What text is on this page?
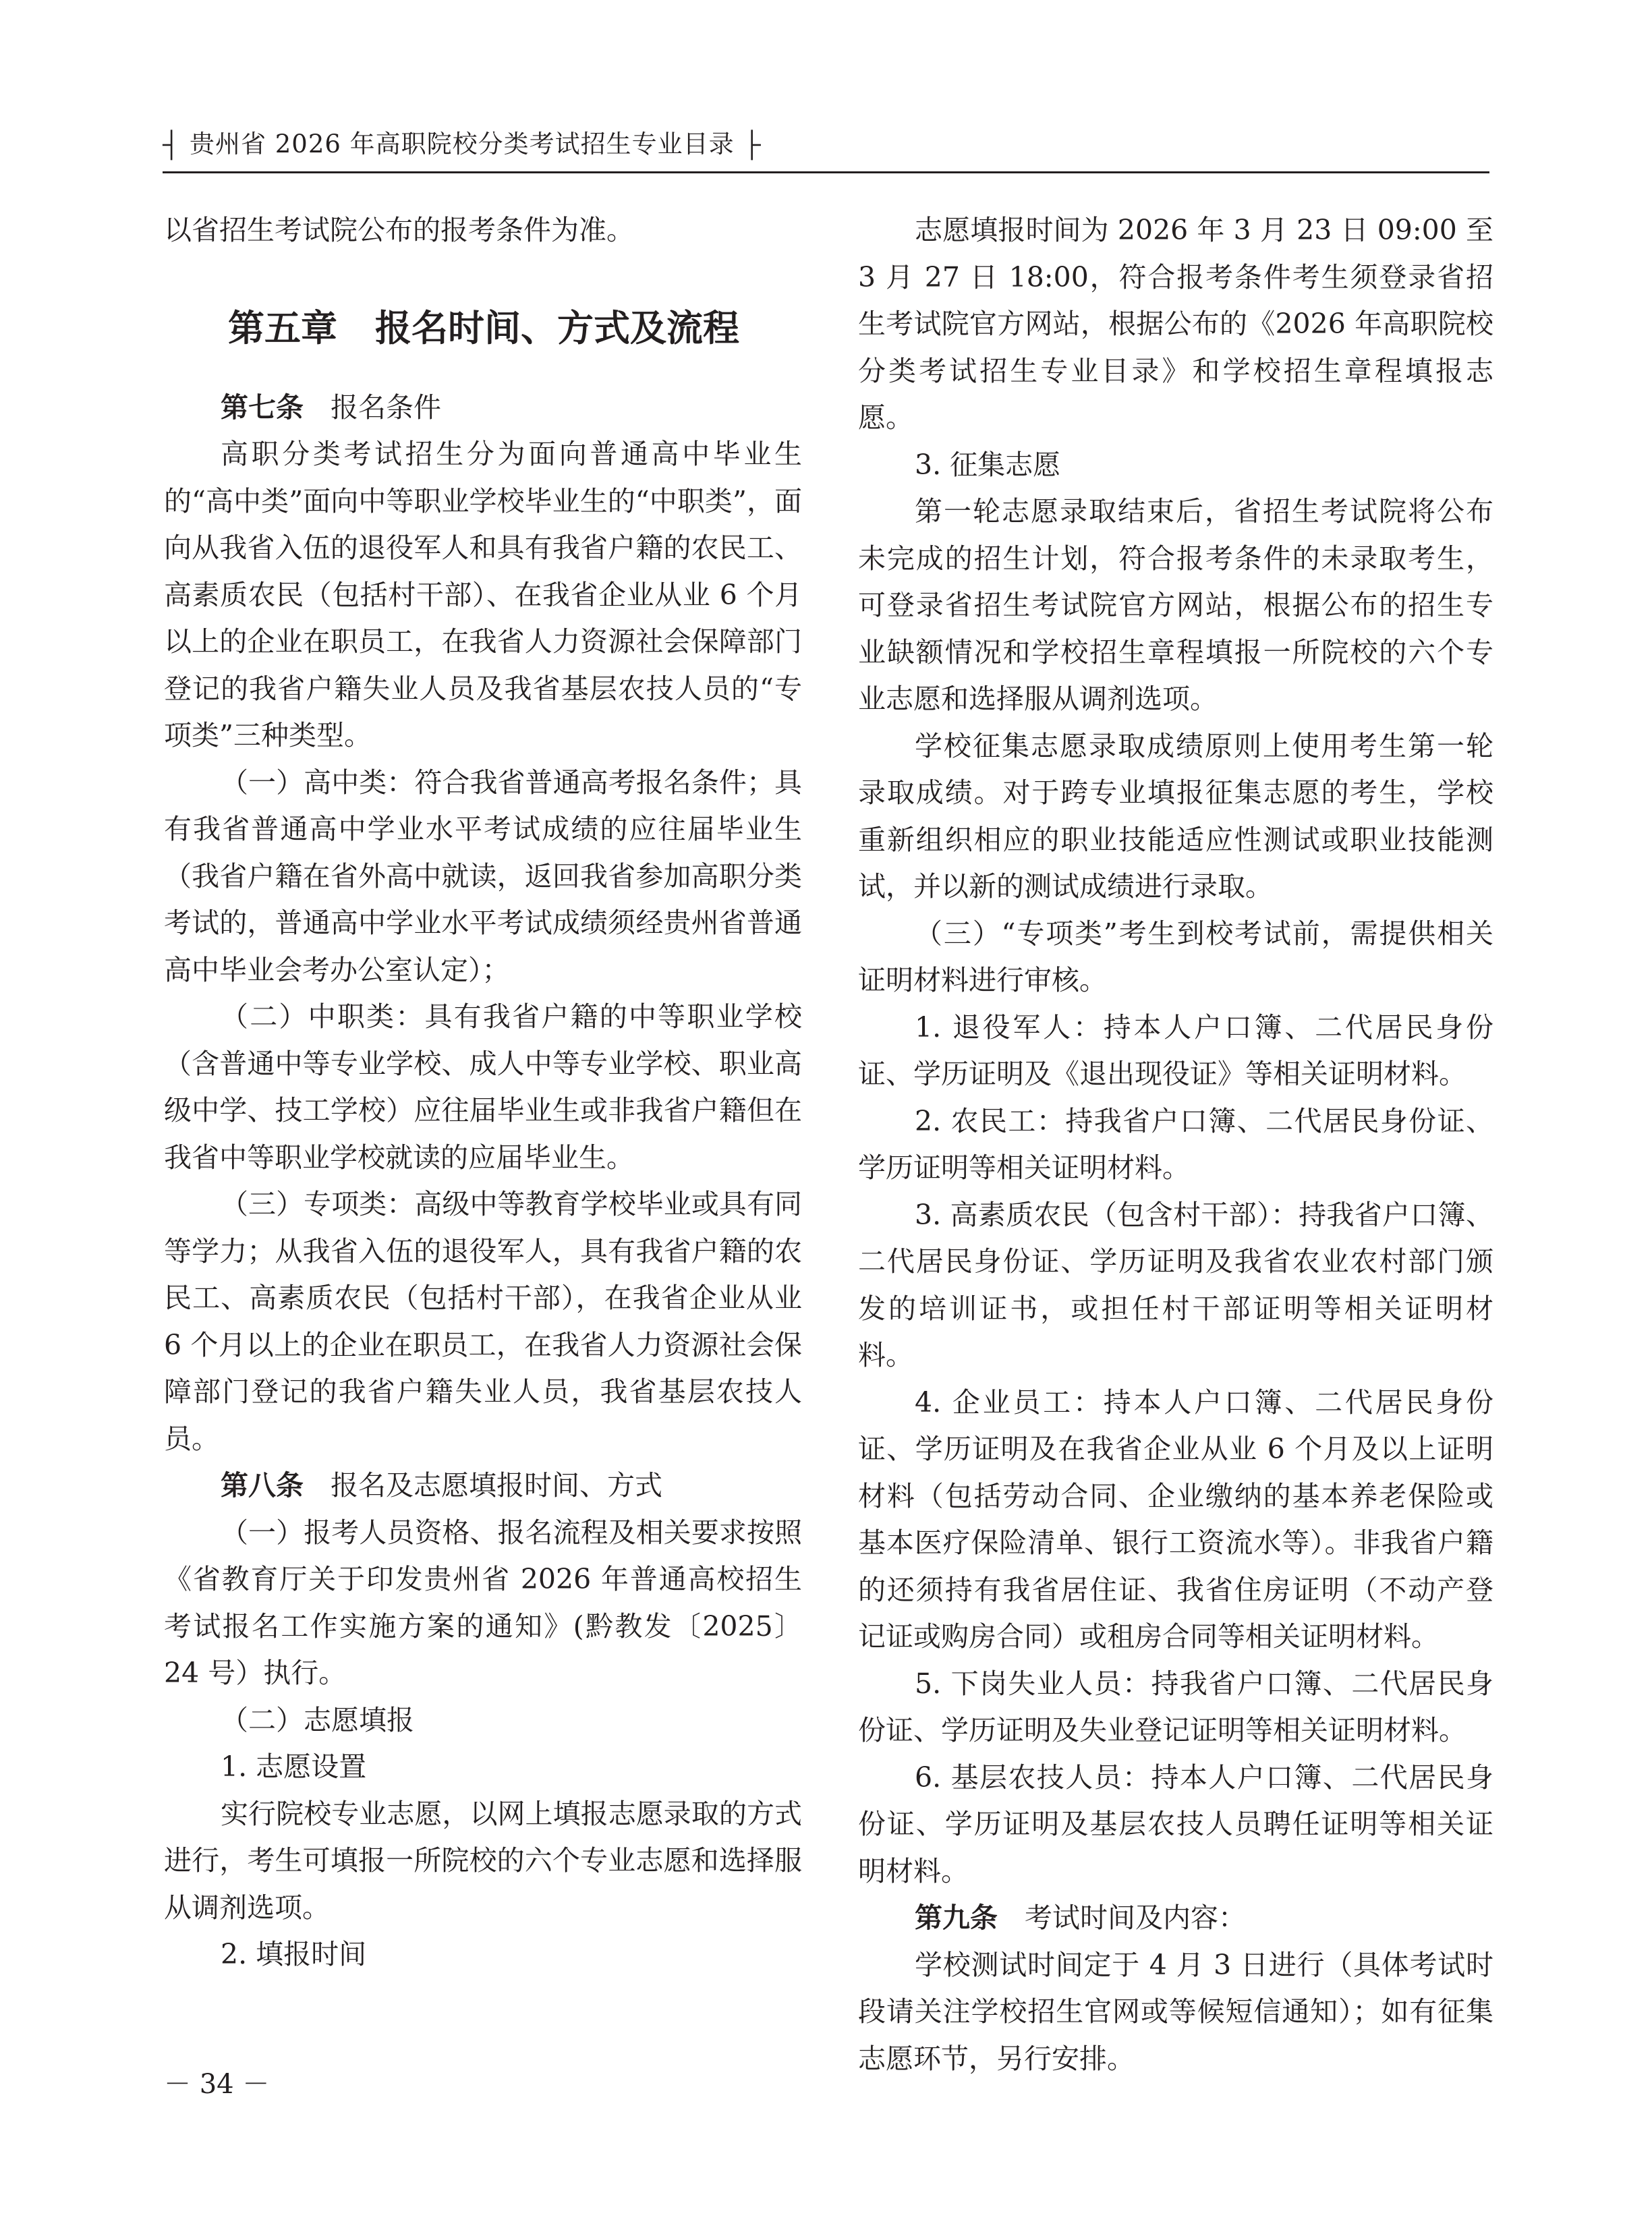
┤ 贵州省 2026 年高职院校分类考试招生专业目录 ├

以省招生考试院公布的报考条件为准。

第五章 报名时间、方式及流程

第七条 报名条件

高职分类考试招生分为面向普通高中毕业生的“高中类”面向中等职业学校毕业生的“中职类”，面向从我省入伍的退役军人和具有我省户籍的农民工、高素质农民（包括村干部）、在我省企业从业 6 个月以上的企业在职员工，在我省人力资源社会保障部门登记的我省户籍失业人员及我省基层农技人员的“专项类”三种类型。

（一）高中类：符合我省普通高考报名条件；具有我省普通高中学业水平考试成绩的应往届毕业生（我省户籍在省外高中就读，返回我省参加高职分类考试的，普通高中学业水平考试成绩须经贵州省普通高中毕业会考办公室认定）；

（二）中职类：具有我省户籍的中等职业学校（含普通中等专业学校、成人中等专业学校、职业高级中学、技工学校）应往届毕业生或非我省户籍但在我省中等职业学校就读的应届毕业生。

（三）专项类：高级中等教育学校毕业或具有同等学力；从我省入伍的退役军人，具有我省户籍的农民工、高素质农民（包括村干部），在我省企业从业 6 个月以上的企业在职员工，在我省人力资源社会保障部门登记的我省户籍失业人员，我省基层农技人员。

第八条 报名及志愿填报时间、方式

（一）报考人员资格、报名流程及相关要求按照《省教育厅关于印发贵州省 2026 年普通高校招生考试报名工作实施方案的通知》(黔教发〔2025〕24 号）执行。

（二）志愿填报

1. 志愿设置

实行院校专业志愿，以网上填报志愿录取的方式进行，考生可填报一所院校的六个专业志愿和选择服从调剂选项。

2. 填报时间

志愿填报时间为 2026 年 3 月 23 日 09:00 至 3 月 27 日 18:00，符合报考条件考生须登录省招生考试院官方网站，根据公布的《2026 年高职院校分类考试招生专业目录》和学校招生章程填报志愿。

3. 征集志愿

第一轮志愿录取结束后，省招生考试院将公布未完成的招生计划，符合报考条件的未录取考生，可登录省招生考试院官方网站，根据公布的招生专业缺额情况和学校招生章程填报一所院校的六个专业志愿和选择服从调剂选项。

学校征集志愿录取成绩原则上使用考生第一轮录取成绩。对于跨专业填报征集志愿的考生，学校重新组织相应的职业技能适应性测试或职业技能测试，并以新的测试成绩进行录取。

（三）“专项类”考生到校考试前，需提供相关证明材料进行审核。

1. 退役军人：持本人户口簿、二代居民身份证、学历证明及《退出现役证》等相关证明材料。

2. 农民工：持我省户口簿、二代居民身份证、学历证明等相关证明材料。

3. 高素质农民（包含村干部）：持我省户口簿、二代居民身份证、学历证明及我省农业农村部门颁发的培训证书，或担任村干部证明等相关证明材料。

4. 企业员工：持本人户口簿、二代居民身份证、学历证明及在我省企业从业 6 个月及以上证明材料（包括劳动合同、企业缴纳的基本养老保险或基本医疗保险清单、银行工资流水等）。非我省户籍的还须持有我省居住证、我省住房证明（不动产登记证或购房合同）或租房合同等相关证明材料。

5. 下岗失业人员：持我省户口簿、二代居民身份证、学历证明及失业登记证明等相关证明材料。

6. 基层农技人员：持本人户口簿、二代居民身份证、学历证明及基层农技人员聘任证明等相关证明材料。

第九条 考试时间及内容：

学校测试时间定于 4 月 3 日进行（具体考试时段请关注学校招生官网或等候短信通知）；如有征集志愿环节，另行安排。

－ 34 －
